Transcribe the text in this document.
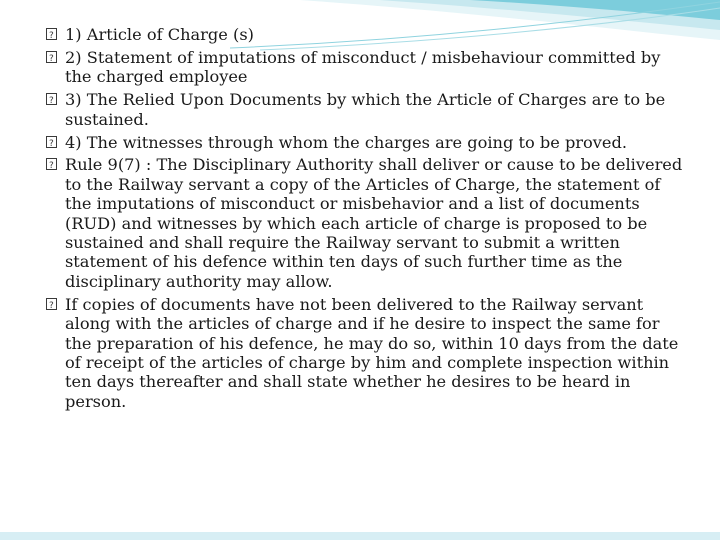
?
1) Article of Charge (s)
?
2) Statement of imputations of misconduct / misbehaviour committed by the charged employee
?
3) The Relied Upon Documents by which the Article of Charges are to be sustained.
?
4) The witnesses through whom the charges are going to be proved.
?
Rule 9(7) : The Disciplinary Authority shall deliver or cause to be delivered to the Railway servant a copy of the Articles of Charge, the statement of the imputations of misconduct or misbehavior and a list of documents (RUD) and witnesses by which each article of charge is proposed to be sustained and shall require the Railway servant to submit a written statement of his defence within ten days of such further time as the disciplinary authority may allow.
?
If copies of documents have not been delivered to the Railway servant along with the articles of charge and if he desire to inspect the same for the preparation of his defence, he may do so, within 10 days from the date of receipt of the articles of charge by him and complete inspection within ten days thereafter and shall state whether he desires to be heard in person.
